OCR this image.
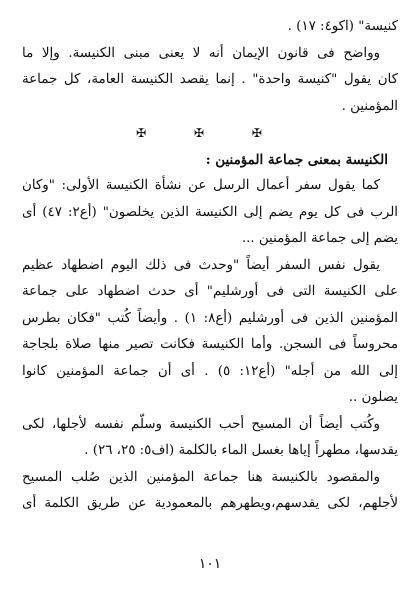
كنيسة" (اكو٤: ١٧) .
وواضح فى قانون الإيمان أنه لا يعنى مبنى الكنيسة. وإلا ما
كان يقول "كنيسة واحدة" . إنما يقصد الكنيسة العامة، كل جماعة
المؤمنين .
✠ ✠ ✠
الكنيسة بمعنى جماعة المؤمنين :
كما يقول سفر أعمال الرسل عن نشأة الكنيسة الأولى: "وكان
الرب فى كل يوم يضم إلى الكنيسة الذين يخلصون" (أع٢: ٤٧) أى
يضم إلى جماعة المؤمنين ...
يقول نفس السفر أيضاً "وحدث فى ذلك اليوم اضطهاد عظيم
على الكنيسة التى فى أورشليم" أى حدث اضطهاد على جماعة
المؤمنين الذين فى أورشليم (أع٨: ١) . وأيضاً كُتب "فكان بطرس
محروساً فى السجن. وأما الكنيسة فكانت تصير منها صلاة بلجاجة
إلى الله من أجله" (أع١٢: ٥) . أى أن جماعة المؤمنين كانوا
يصلون ..
وكُتب أيضاً أن المسيح أحب الكنيسة وسلّم نفسه لأجلها، لكى
يقدسها، مطهراً إياها بغسل الماء بالكلمة (اف٥: ٢٥، ٢٦) .
والمقصود بالكنيسة هنا جماعة المؤمنين الذين صُلب المسيح
لأجلهم، لكى يقدسهم،ويطهرهم بالمعمودية عن طريق الكلمة أى
١٠١
